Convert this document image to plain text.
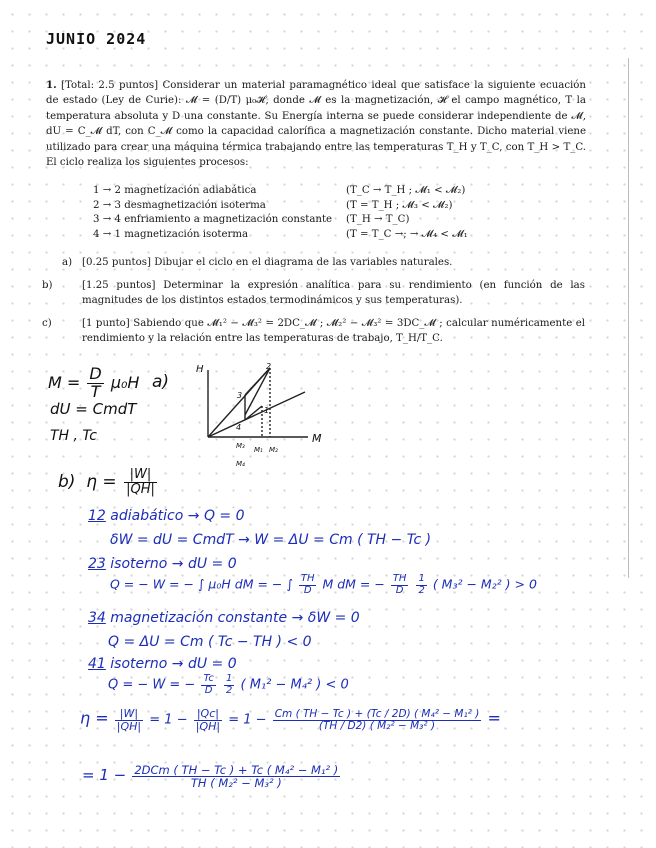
JUNIO 2024
1. [Total: 2.5 puntos] Considerar un material paramagnético ideal que satisface la siguiente ecuación de estado (Ley de Curie): 𝓜 = (D/T) μ₀𝓗, donde 𝓜 es la magnetización, 𝓗 el campo magnético, T la temperatura absoluta y D una constante. Su Energía interna se puede considerar independiente de 𝓜, dU = C_𝓜 dT, con C_𝓜 como la capacidad calorífica a magnetización constante. Dicho material viene utilizado para crear una máquina térmica trabajando entre las temperaturas T_H y T_C, con T_H > T_C. El ciclo realiza los siguientes procesos:
1 → 2 magnetización adiabática	(T_C → T_H ; 𝓜₁ < 𝓜₂)
2 → 3 desmagnetización isoterma	(T = T_H ; 𝓜₃ < 𝓜₂)
3 → 4 enfriamiento a magnetización constante	(T_H → T_C)
4 → 1 magnetización isoterma	(T = T_C →; → 𝓜₄ < 𝓜₁
a) [0.25 puntos] Dibujar el ciclo en el diagrama de las variables naturales.
b)	[1.25 puntos] Determinar la expresión analítica para su rendimiento (en función de las magnitudes de los distintos estados termodinámicos y sus temperaturas).
c)	[1 punto] Sabiendo que 𝓜₁² − 𝓜₃² = 2DC_𝓜 ; 𝓜₂² − 𝓜₃² = 3DC_𝓜 ; calcular numéricamente el rendimiento y la relación entre las temperaturas de trabajo, T_H/T_C.
$M = \frac{D}{T} \mu_0H$
dU = CmdT
TH , Tc
a)
H
M
1
2
3
4
M₁ M₂
M₃
M₄
b) $\eta = \frac{|W|}{|QH|}$
12 adiabático → Q = 0
δW = dU = CmdT → W = ΔU = Cm ( TH − Tc )
23 isoterno → dU = 0
Q = − W = − ∫ μ₀H dM = − ∫ $\frac{TH}{D}$ M dM = − $\frac{TH}{D}$
$\frac{1}{2}$ ( M₃² − M₂² ) > 0
34 magnetización constante → δW = 0
Q = ΔU = Cm ( Tc − TH ) < 0
41 isoterno → dU = 0
Q = − W = − $\frac{Tc}{D}$
$\frac{1}{2}$ ( M₁² − M₄² ) < 0
$\eta = \frac{|W|}{|QH|} = 1 - \frac{|Qc|}{|QH|} = 1 - \frac{\text{Cm ( TH − Tc ) + (Tc / 2D) ( M₄² − M₁² )}}{\text{(TH / D2) ( M₂² − M₃² )}}$ =
= $1 - \frac{\text{2DCm ( TH − Tc ) + Tc ( M₄² − M₁² )}}{\text{TH ( M₂² − M₃² )}}$
